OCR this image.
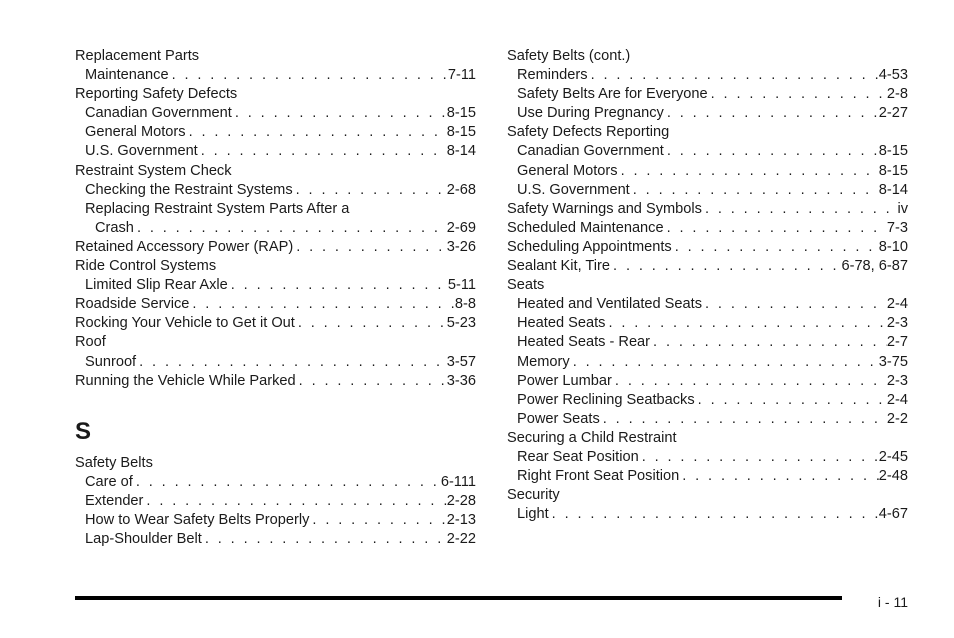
Replacement Parts
Maintenance . . .	7-11
Reporting Safety Defects
Canadian Government . . .	8-15
General Motors . . .	8-15
U.S. Government . . .	8-14
Restraint System Check
Checking the Restraint Systems . . .	2-68
Replacing Restraint System Parts After a
Crash . . .	2-69
Retained Accessory Power (RAP) . . .	3-26
Ride Control Systems
Limited Slip Rear Axle . . .	5-11
Roadside Service . . .	8-8
Rocking Your Vehicle to Get it Out . . .	5-23
Roof
Sunroof . . .	3-57
Running the Vehicle While Parked . . .	3-36
S
Safety Belts
Care of . . .	6-111
Extender . . .	2-28
How to Wear Safety Belts Properly . . .	2-13
Lap-Shoulder Belt . . .	2-22
Safety Belts (cont.)
Reminders . . .	4-53
Safety Belts Are for Everyone . . .	2-8
Use During Pregnancy . . .	2-27
Safety Defects Reporting
Canadian Government . . .	8-15
General Motors . . .	8-15
U.S. Government . . .	8-14
Safety Warnings and Symbols . . .	iv
Scheduled Maintenance . . .	7-3
Scheduling Appointments . . .	8-10
Sealant Kit, Tire . . .	6-78, 6-87
Seats
Heated and Ventilated Seats . . .	2-4
Heated Seats . . .	2-3
Heated Seats - Rear . . .	2-7
Memory . . .	3-75
Power Lumbar . . .	2-3
Power Reclining Seatbacks . . .	2-4
Power Seats . . .	2-2
Securing a Child Restraint
Rear Seat Position . . .	2-45
Right Front Seat Position . . .	2-48
Security
Light . . .	4-67
i - 11
